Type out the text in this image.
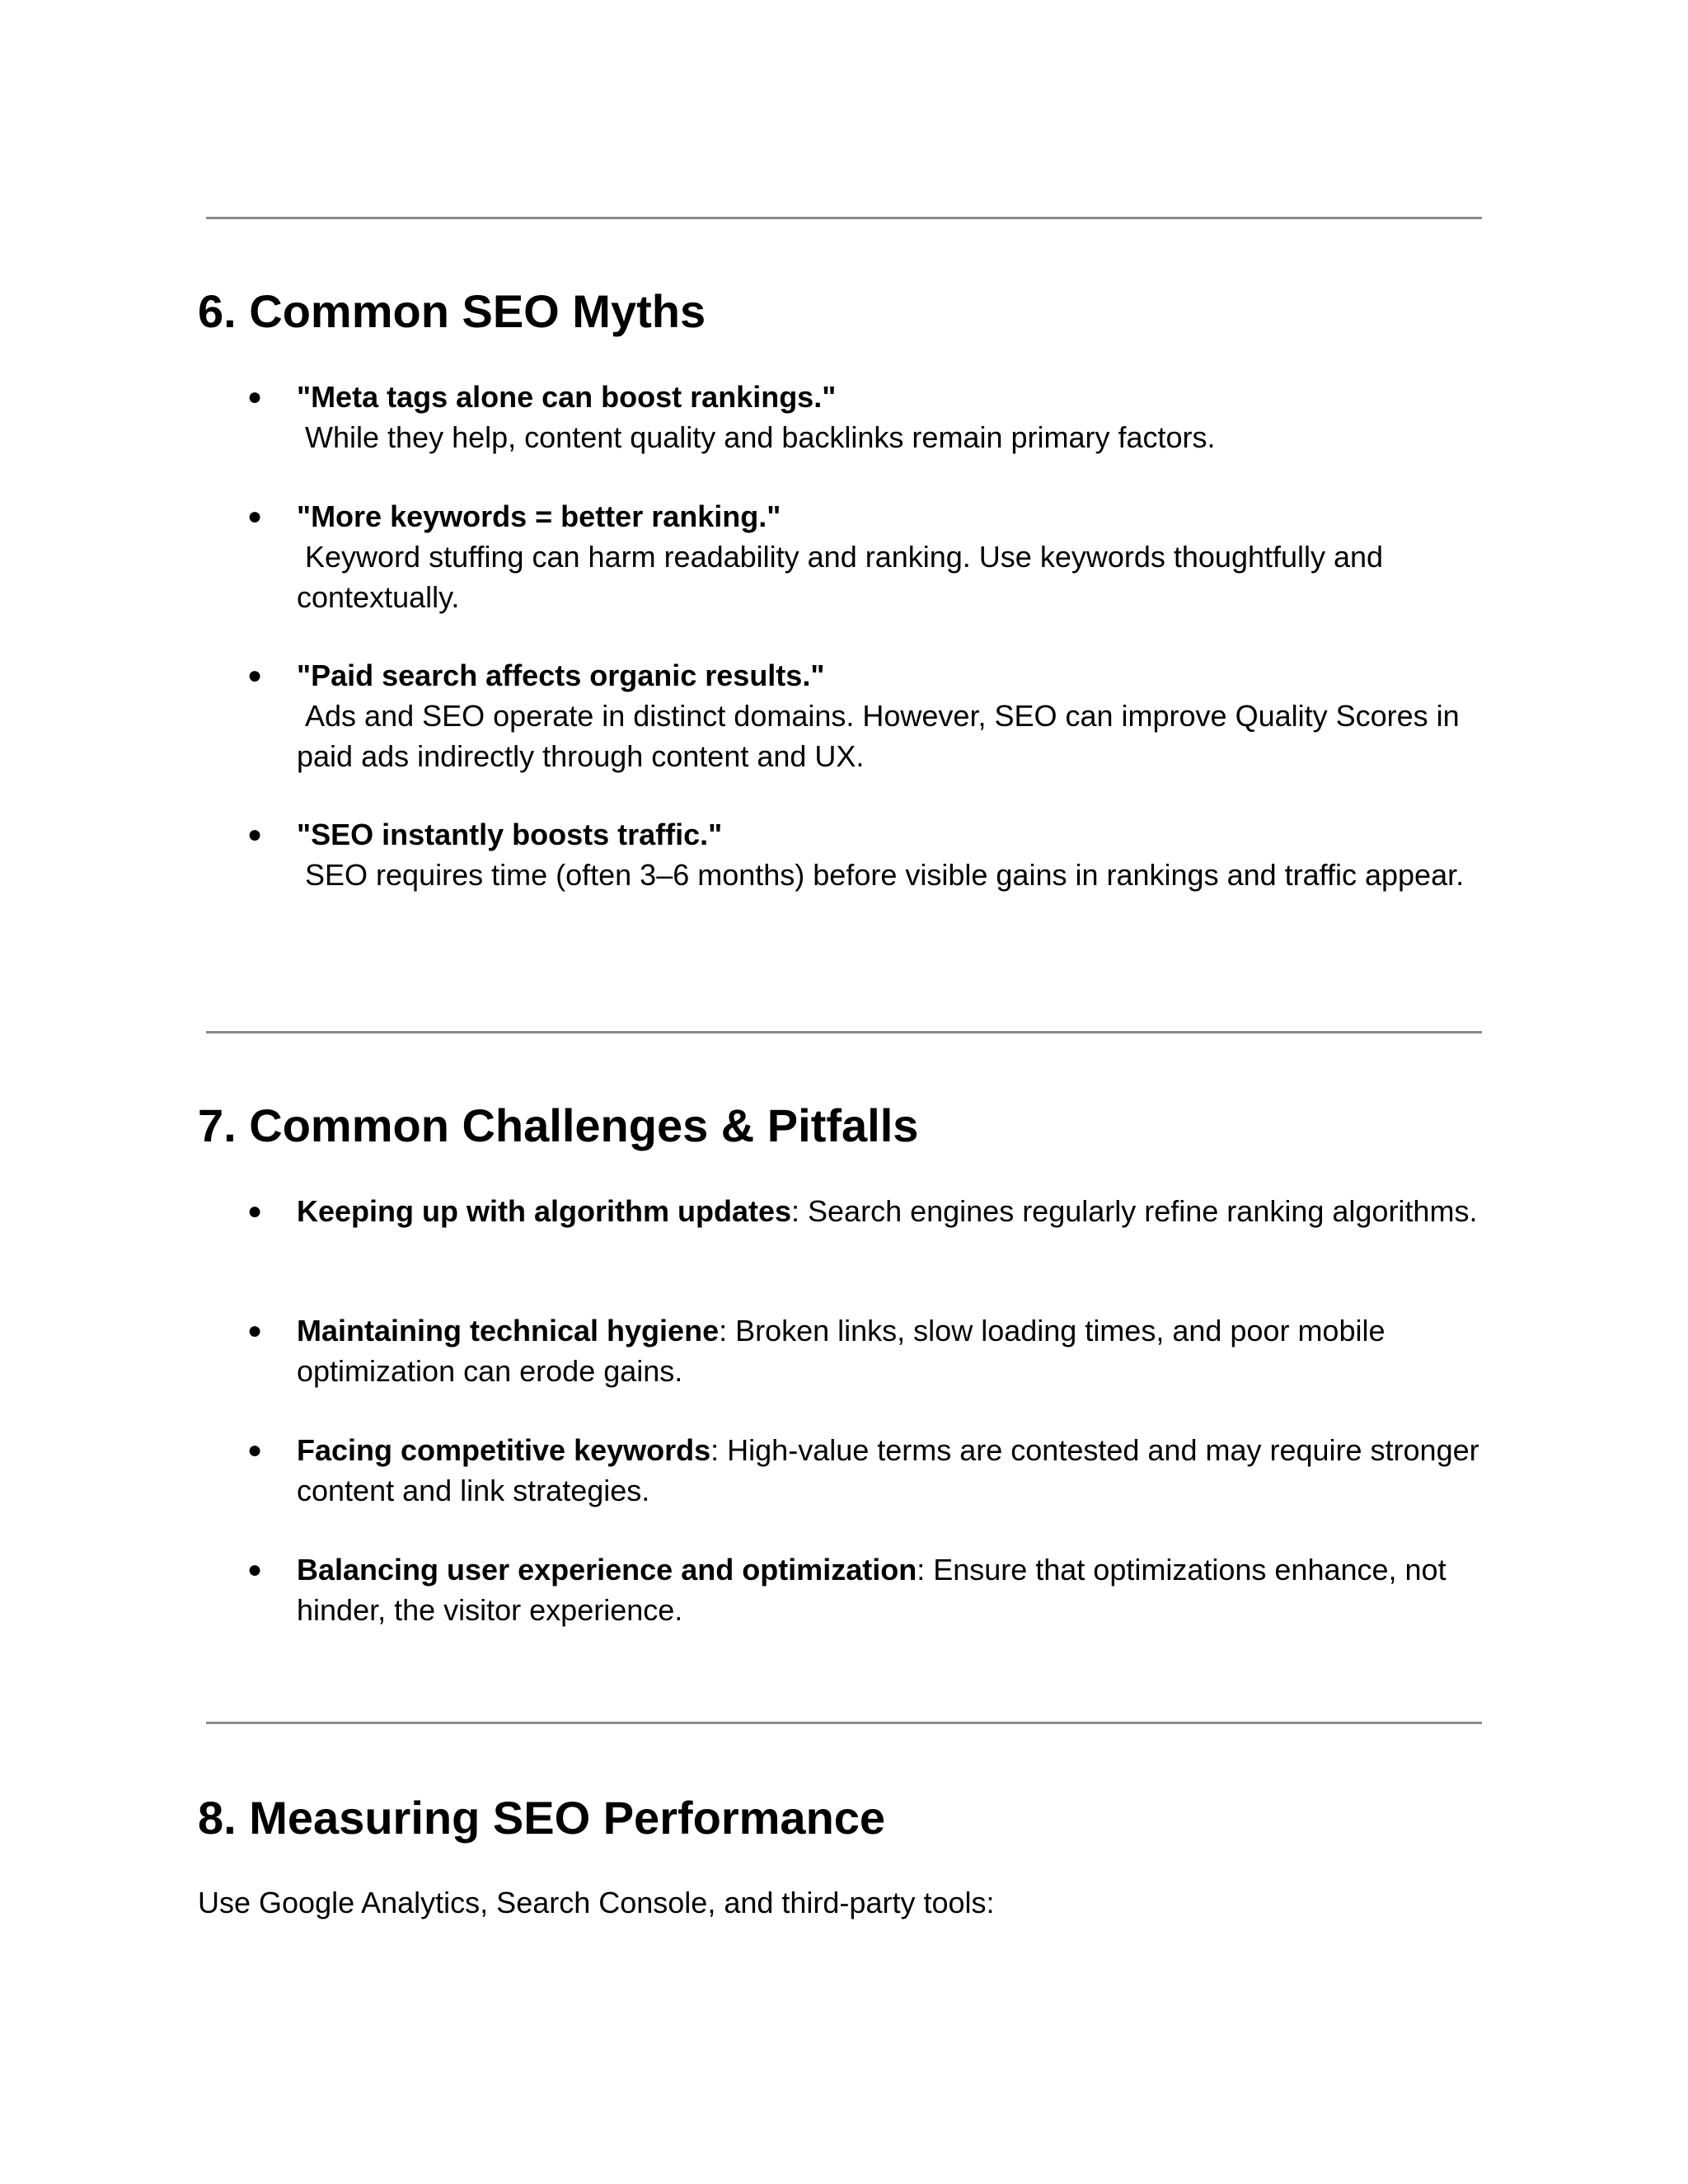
6. Common SEO Myths
●	"Meta tags alone can boost rankings."
While they help, content quality and backlinks remain primary factors.
●	"More keywords = better ranking."
Keyword stuffing can harm readability and ranking. Use keywords thoughtfully and contextually.
●	"Paid search affects organic results."
Ads and SEO operate in distinct domains. However, SEO can improve Quality Scores in paid ads indirectly through content and UX.
●	"SEO instantly boosts traffic."
SEO requires time (often 3–6 months) before visible gains in rankings and traffic appear.
7. Common Challenges & Pitfalls
●	Keeping up with algorithm updates: Search engines regularly refine ranking algorithms.
●	Maintaining technical hygiene: Broken links, slow loading times, and poor mobile optimization can erode gains.
●	Facing competitive keywords: High-value terms are contested and may require stronger content and link strategies.
●	Balancing user experience and optimization: Ensure that optimizations enhance, not hinder, the visitor experience.
8. Measuring SEO Performance

Use Google Analytics, Search Console, and third-party tools:
